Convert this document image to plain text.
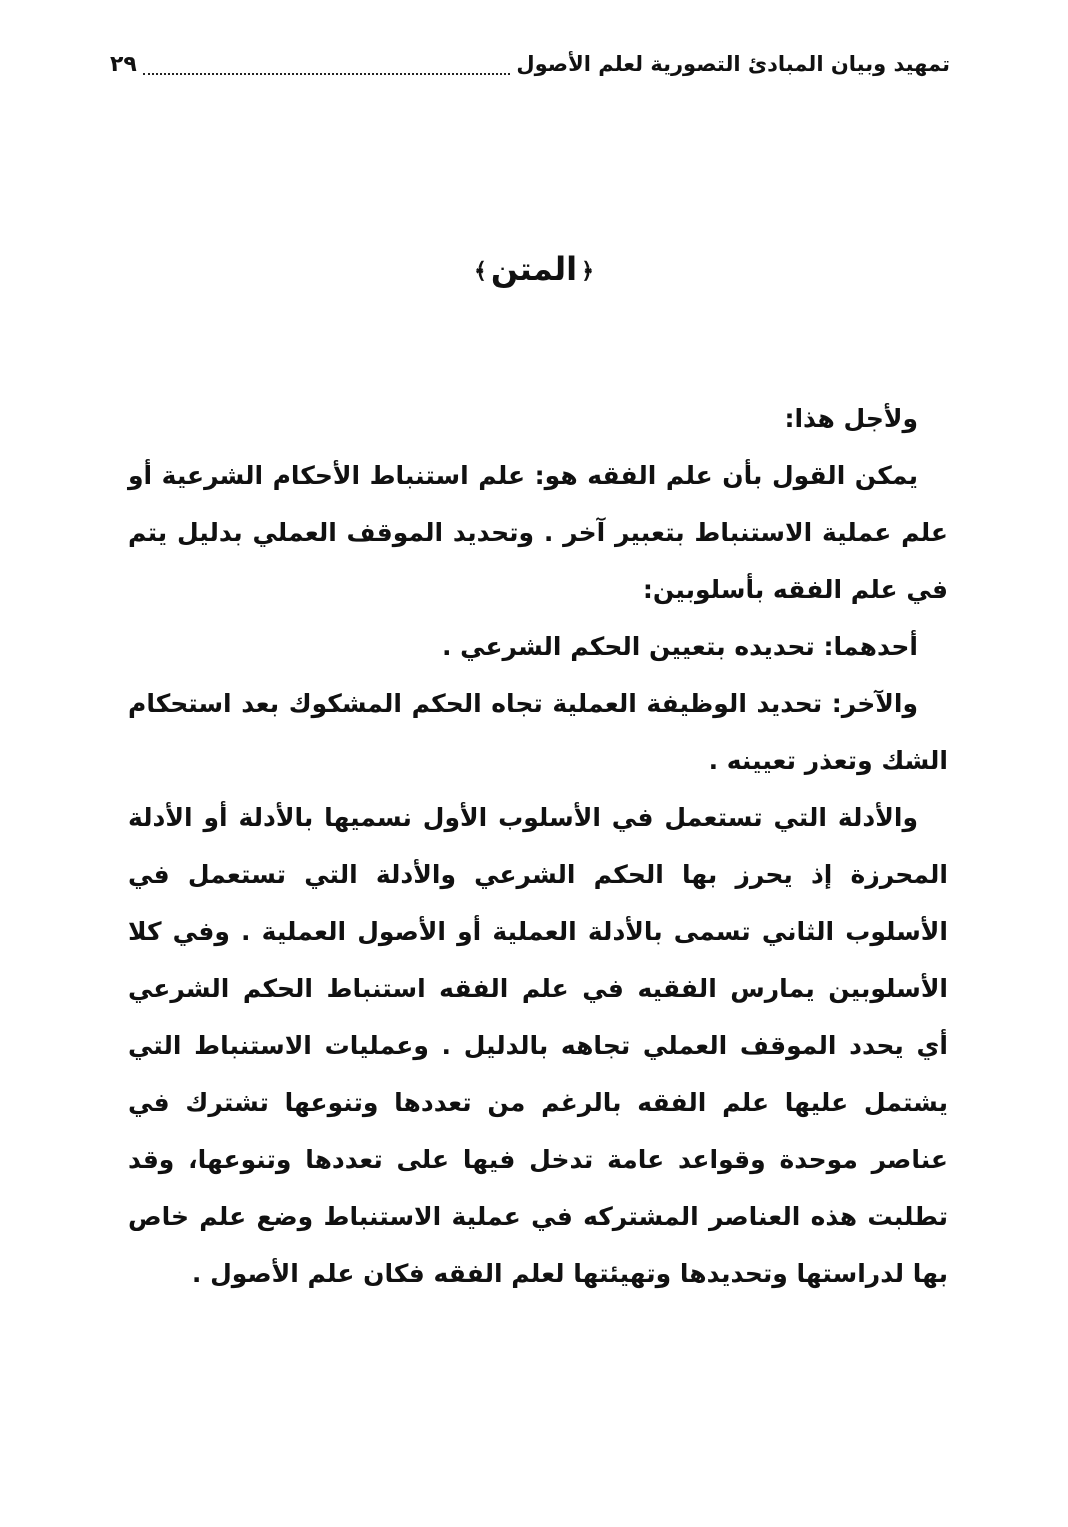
تمهيد وبيان المبادئ التصورية لعلم الأصول
٢٩
﴿المتن﴾

ولأجل هذا:

يمكن القول بأن علم الفقه هو: علم استنباط الأحكام الشرعية أو علم عملية الاستنباط بتعبير آخر . وتحديد الموقف العملي بدليل يتم في علم الفقه بأسلوبين:

أحدهما: تحديده بتعيين الحكم الشرعي .

والآخر: تحديد الوظيفة العملية تجاه الحكم المشكوك بعد استحكام الشك وتعذر تعيينه .

والأدلة التي تستعمل في الأسلوب الأول نسميها بالأدلة أو الأدلة المحرزة إذ يحرز بها الحكم الشرعي والأدلة التي تستعمل في الأسلوب الثاني تسمى بالأدلة العملية أو الأصول العملية . وفي كلا الأسلوبين يمارس الفقيه في علم الفقه استنباط الحكم الشرعي أي يحدد الموقف العملي تجاهه بالدليل . وعمليات الاستنباط التي يشتمل عليها علم الفقه بالرغم من تعددها وتنوعها تشترك في عناصر موحدة وقواعد عامة تدخل فيها على تعددها وتنوعها، وقد تطلبت هذه العناصر المشتركه في عملية الاستنباط وضع علم خاص بها لدراستها وتحديدها وتهيئتها لعلم الفقه فكان علم الأصول .
